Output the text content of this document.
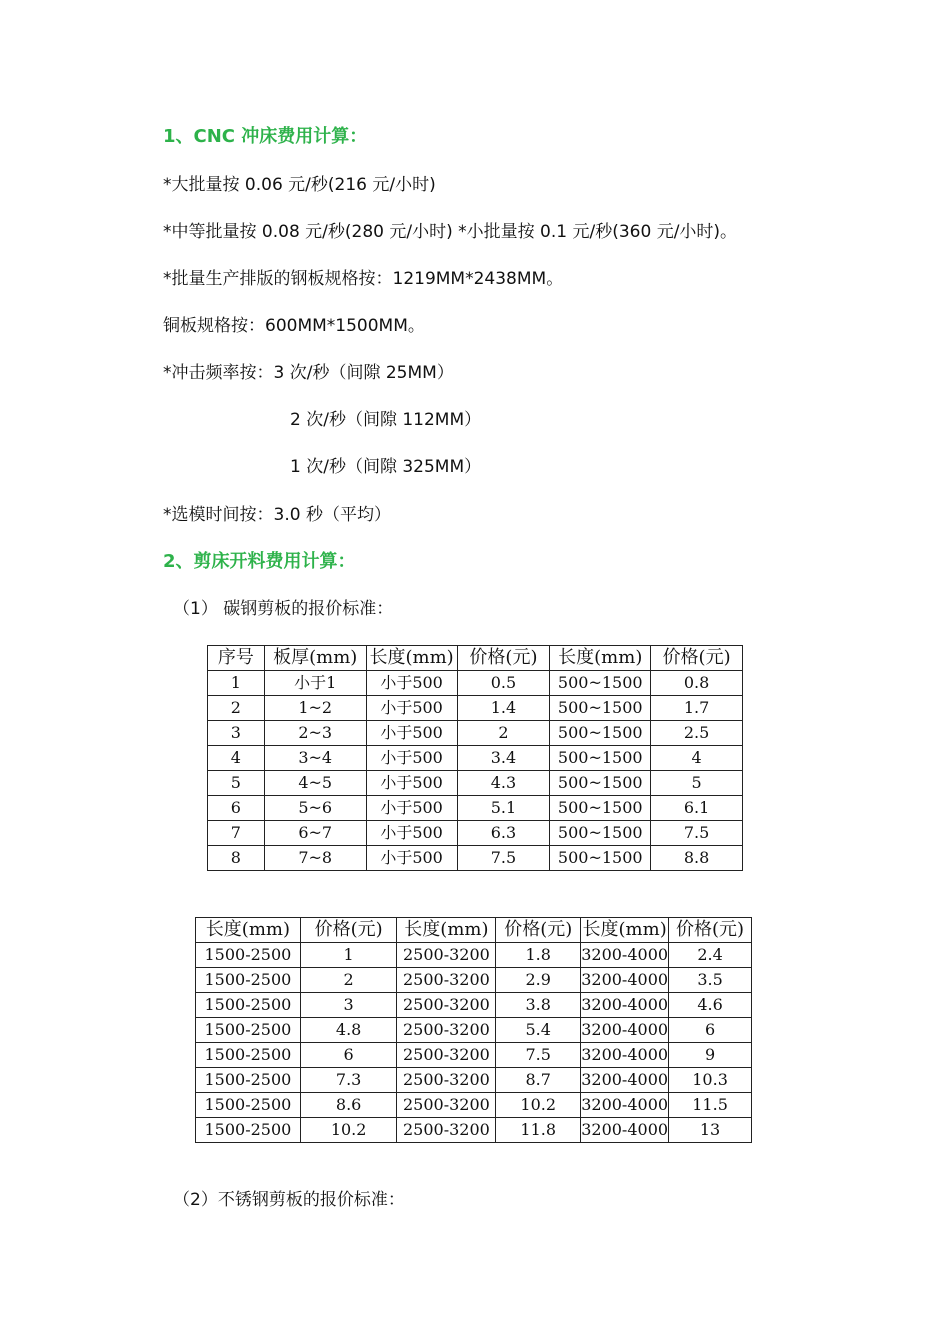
1、CNC 冲床费用计算：
*大批量按 0.06 元/秒(216 元/小时)
*中等批量按 0.08 元/秒(280 元/小时) *小批量按 0.1 元/秒(360 元/小时)。
*批量生产排版的钢板规格按：1219MM*2438MM。
铜板规格按：600MM*1500MM。
*冲击频率按：3 次/秒（间隙 25MM）
2 次/秒（间隙 112MM）
1 次/秒（间隙 325MM）
*选模时间按：3.0 秒（平均）
2、剪床开料费用计算：
（1） 碳钢剪板的报价标准：
序号	板厚(mm)	长度(mm)	价格(元)	长度(mm)	价格(元)
1	小于1	小于500	0.5	500~1500	0.8
2	1~2	小于500	1.4	500~1500	1.7
3	2~3	小于500	2	500~1500	2.5
4	3~4	小于500	3.4	500~1500	4
5	4~5	小于500	4.3	500~1500	5
6	5~6	小于500	5.1	500~1500	6.1
7	6~7	小于500	6.3	500~1500	7.5
8	7~8	小于500	7.5	500~1500	8.8
长度(mm)	价格(元)	长度(mm)	价格(元)	长度(mm)	价格(元)
1500-2500	1	2500-3200	1.8	3200-4000	2.4
1500-2500	2	2500-3200	2.9	3200-4000	3.5
1500-2500	3	2500-3200	3.8	3200-4000	4.6
1500-2500	4.8	2500-3200	5.4	3200-4000	6
1500-2500	6	2500-3200	7.5	3200-4000	9
1500-2500	7.3	2500-3200	8.7	3200-4000	10.3
1500-2500	8.6	2500-3200	10.2	3200-4000	11.5
1500-2500	10.2	2500-3200	11.8	3200-4000	13
（2）不锈钢剪板的报价标准：
